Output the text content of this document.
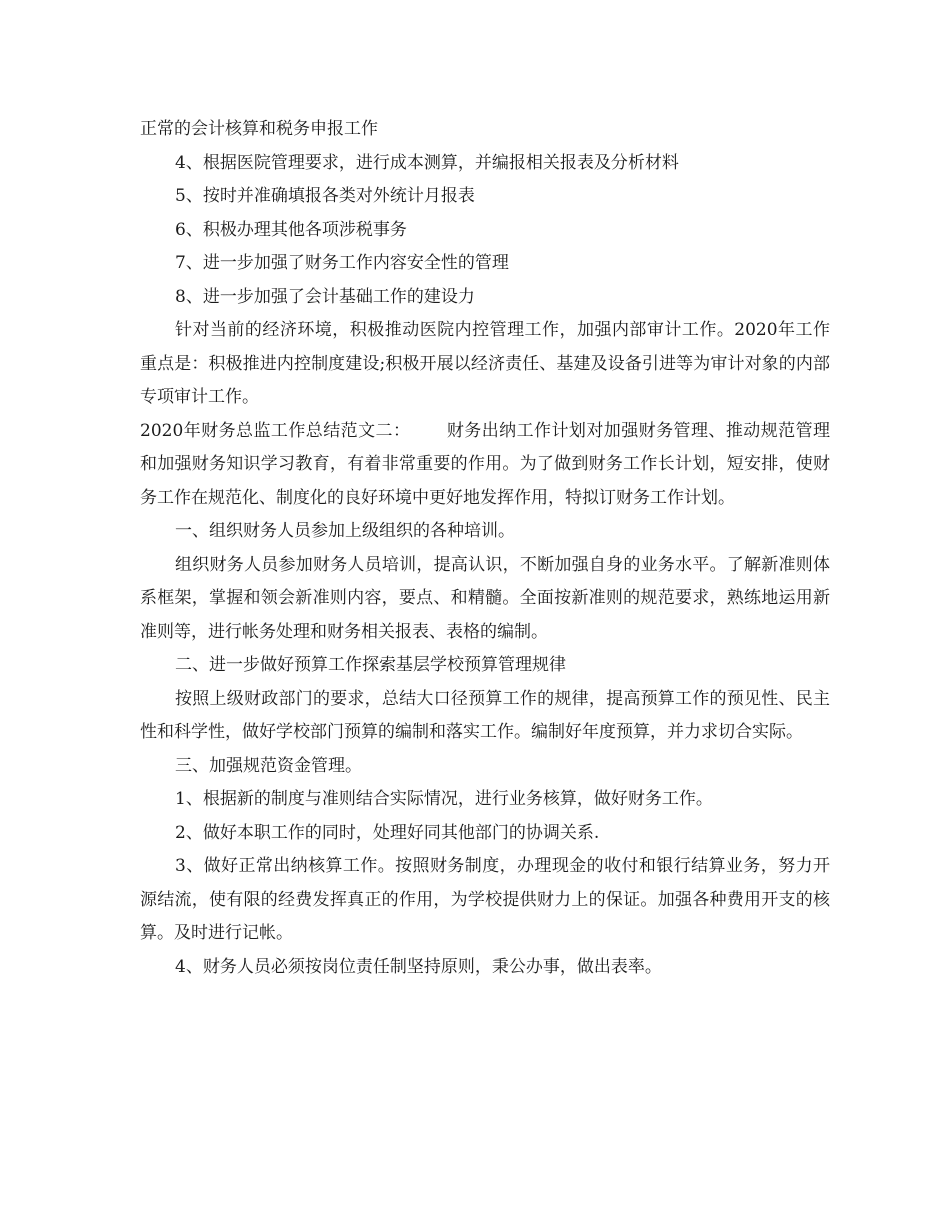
正常的会计核算和税务申报工作

4、根据医院管理要求，进行成本测算，并编报相关报表及分析材料

5、按时并准确填报各类对外统计月报表

6、积极办理其他各项涉税事务

7、进一步加强了财务工作内容安全性的管理

8、进一步加强了会计基础工作的建设力

针对当前的经济环境，积极推动医院内控管理工作，加强内部审计工作。2020年工作重点是：积极推进内控制度建设;积极开展以经济责任、基建及设备引进等为审计对象的内部专项审计工作。

2020年财务总监工作总结范文二： 财务出纳工作计划对加强财务管理、推动规范管理和加强财务知识学习教育，有着非常重要的作用。为了做到财务工作长计划，短安排，使财务工作在规范化、制度化的良好环境中更好地发挥作用，特拟订财务工作计划。

一、组织财务人员参加上级组织的各种培训。

组织财务人员参加财务人员培训，提高认识，不断加强自身的业务水平。了解新准则体系框架，掌握和领会新准则内容，要点、和精髓。全面按新准则的规范要求，熟练地运用新准则等，进行帐务处理和财务相关报表、表格的编制。

二、进一步做好预算工作探索基层学校预算管理规律

按照上级财政部门的要求，总结大口径预算工作的规律，提高预算工作的预见性、民主性和科学性，做好学校部门预算的编制和落实工作。编制好年度预算，并力求切合实际。

三、加强规范资金管理。

1、根据新的制度与准则结合实际情况，进行业务核算，做好财务工作。

2、做好本职工作的同时，处理好同其他部门的协调关系.

3、做好正常出纳核算工作。按照财务制度，办理现金的收付和银行结算业务，努力开源结流，使有限的经费发挥真正的作用，为学校提供财力上的保证。加强各种费用开支的核算。及时进行记帐。

4、财务人员必须按岗位责任制坚持原则，秉公办事，做出表率。
